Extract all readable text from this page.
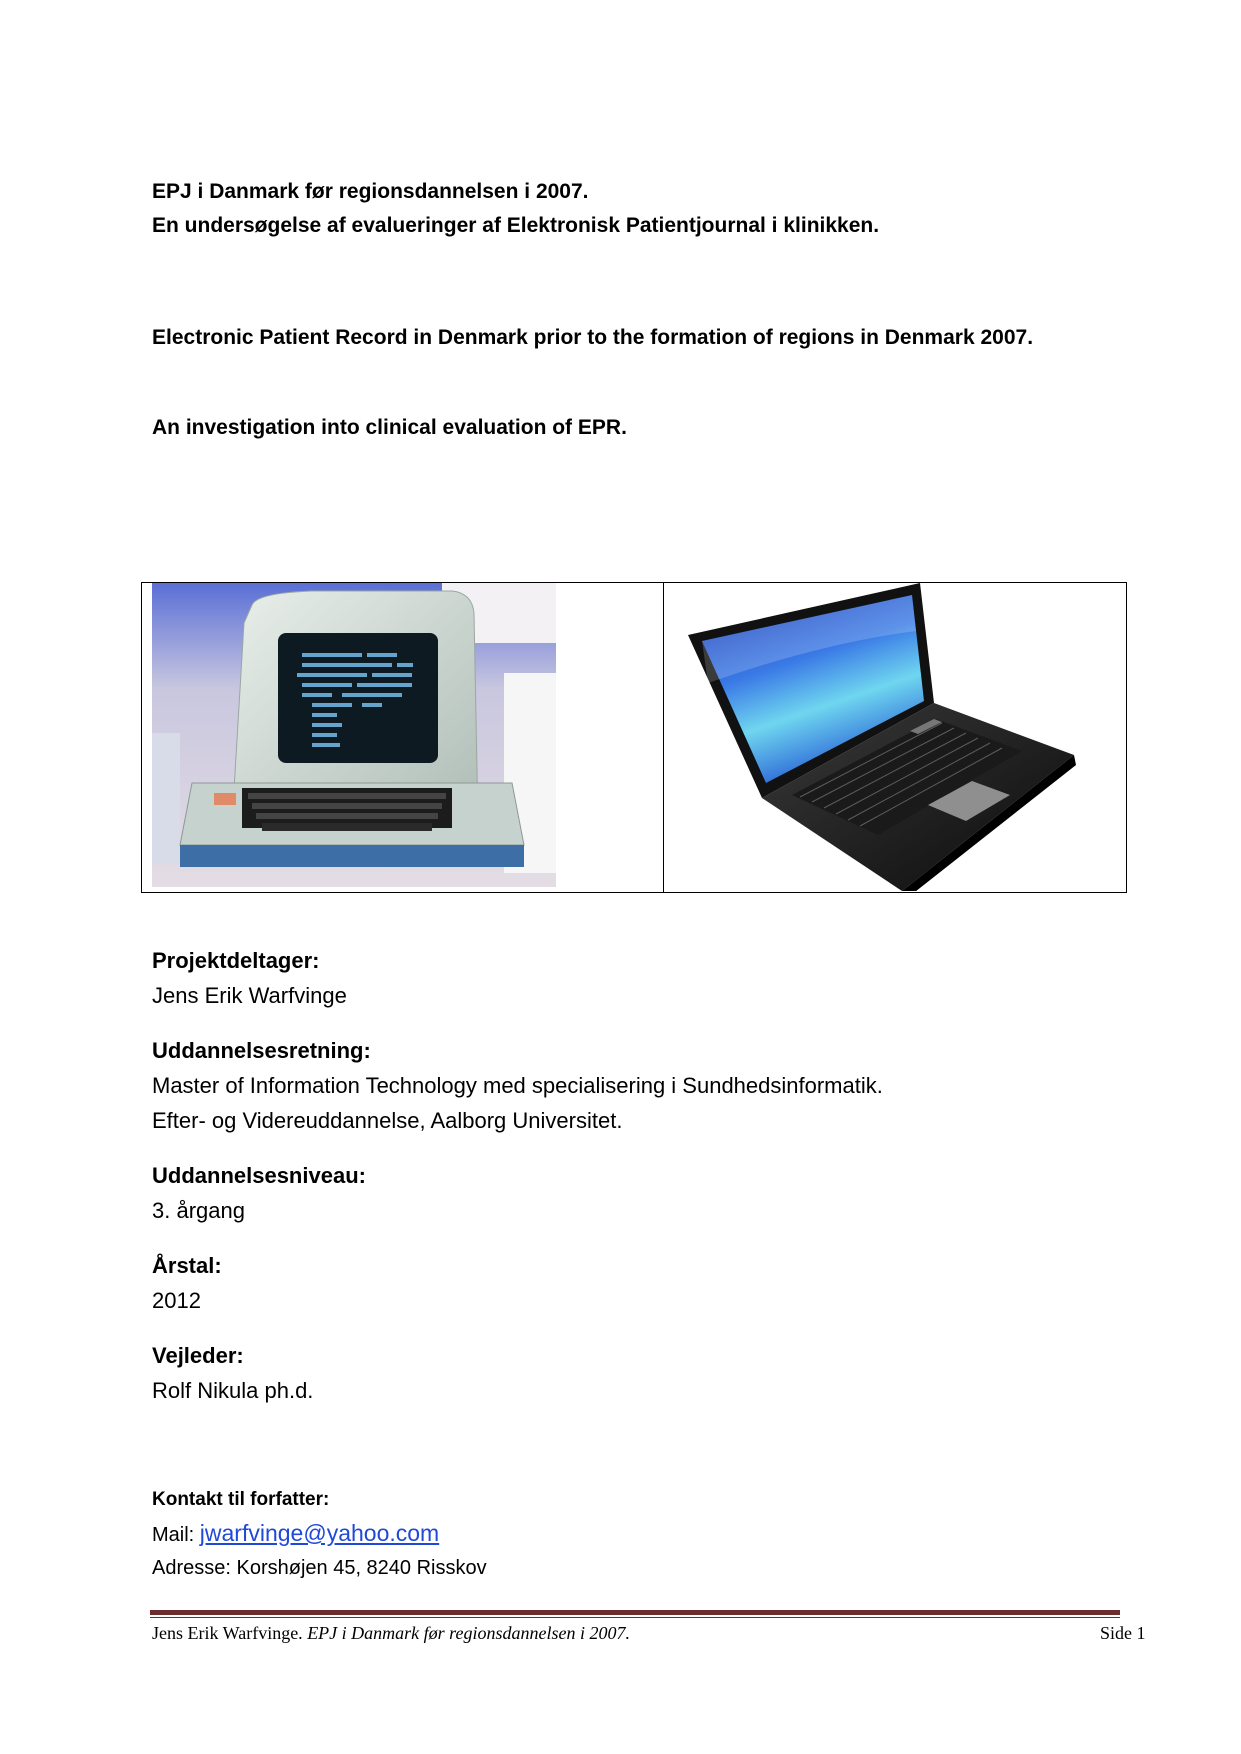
EPJ i Danmark før regionsdannelsen i 2007.
En undersøgelse af evalueringer af Elektronisk Patientjournal i klinikken.
Electronic Patient Record in Denmark prior to the formation of regions in Denmark 2007.
An investigation into clinical evaluation of EPR.
Projektdeltager:
Jens Erik Warfvinge
Uddannelsesretning:
Master of Information Technology med specialisering i Sundhedsinformatik.
Efter- og Videreuddannelse, Aalborg Universitet.
Uddannelsesniveau:
3. årgang
Årstal:
2012
Vejleder:
Rolf Nikula ph.d.
Kontakt til forfatter:
Mail: jwarfvinge@yahoo.com
Adresse: Korshøjen 45, 8240 Risskov
Jens Erik Warfvinge. EPJ i Danmark før regionsdannelsen i 2007.	Side 1
